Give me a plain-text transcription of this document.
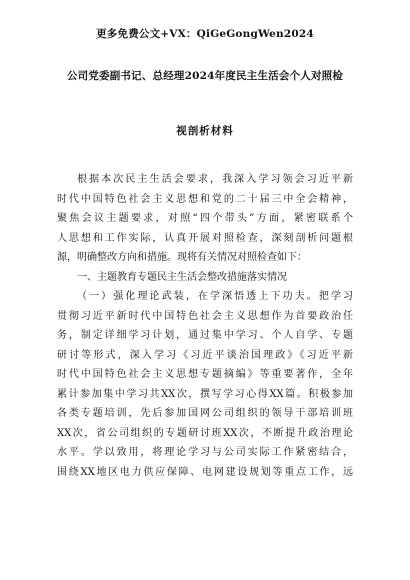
更多免费公文+VX：QiGeGongWen2024
公司党委副书记、总经理2024年度民主生活会个人对照检
视剖析材料

根据本次民主生活会要求，我深入学习领会习近平新
时代中国特色社会主义思想和党的二十届三中全会精神，
聚焦会议主题要求，对照“四个带头”方面，紧密联系个
人思想和工作实际，认真开展对照检查，深刻剖析问题根
源，明确整改方向和措施。现将有关情况对照检查如下：
一、主题教育专题民主生活会整改措施落实情况
（一）强化理论武装，在学深悟透上下功夫。把学习
贯彻习近平新时代中国特色社会主义思想作为首要政治任
务，制定详细学习计划，通过集中学习、个人自学、专题
研讨等形式，深入学习《习近平谈治国理政》《习近平新
时代中国特色社会主义思想专题摘编》等重要著作，全年
累计参加集中学习共XX次，撰写学习心得XX篇。积极参加
各类专题培训，先后参加国网公司组织的领导干部培训班
XX次，省公司组织的专题研讨班XX次，不断提升政治理论
水平。学以致用，将理论学习与公司实际工作紧密结合，
围绕XX地区电力供应保障、电网建设规划等重点工作，远
